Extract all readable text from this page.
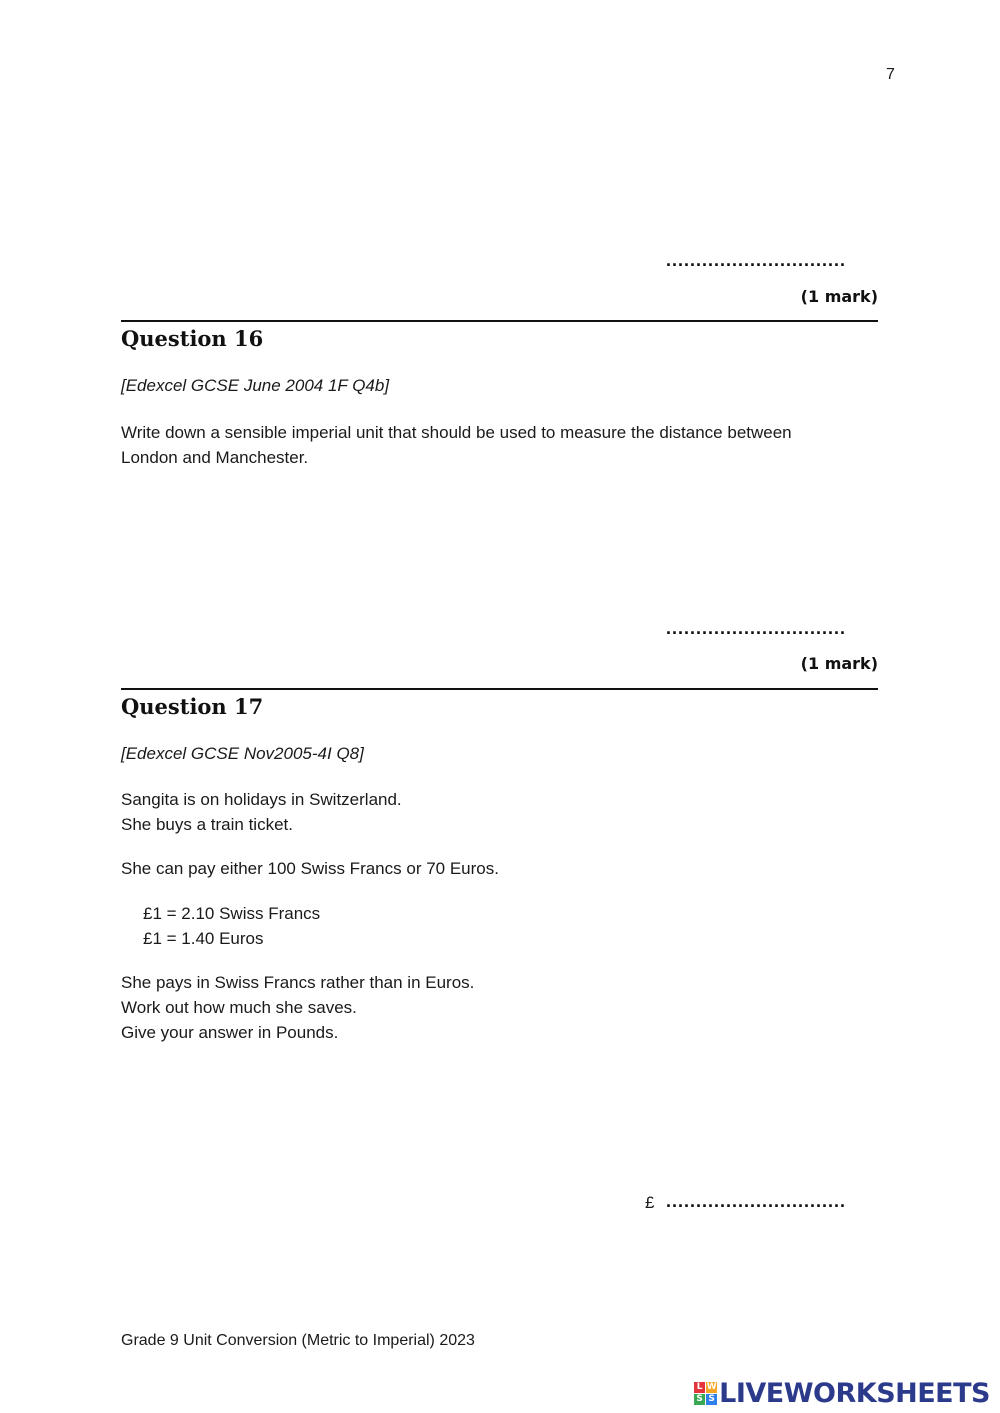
7
..............................
(1 mark)
Question 16
[Edexcel GCSE June 2004 1F Q4b]
Write down a sensible imperial unit that should be used to measure the distance between
London and Manchester.
..............................
(1 mark)
Question 17
[Edexcel GCSE Nov2005-4I Q8]
Sangita is on holidays in Switzerland.
She buys a train ticket.
She can pay either 100 Swiss Francs or 70 Euros.
£1 = 2.10 Swiss Francs
£1 = 1.40 Euros
She pays in Swiss Francs rather than in Euros.
Work out how much she saves.
Give your answer in Pounds.
£ ..............................
Grade 9 Unit Conversion (Metric to Imperial) 2023
L W
S S LIVEWORKSHEETS
